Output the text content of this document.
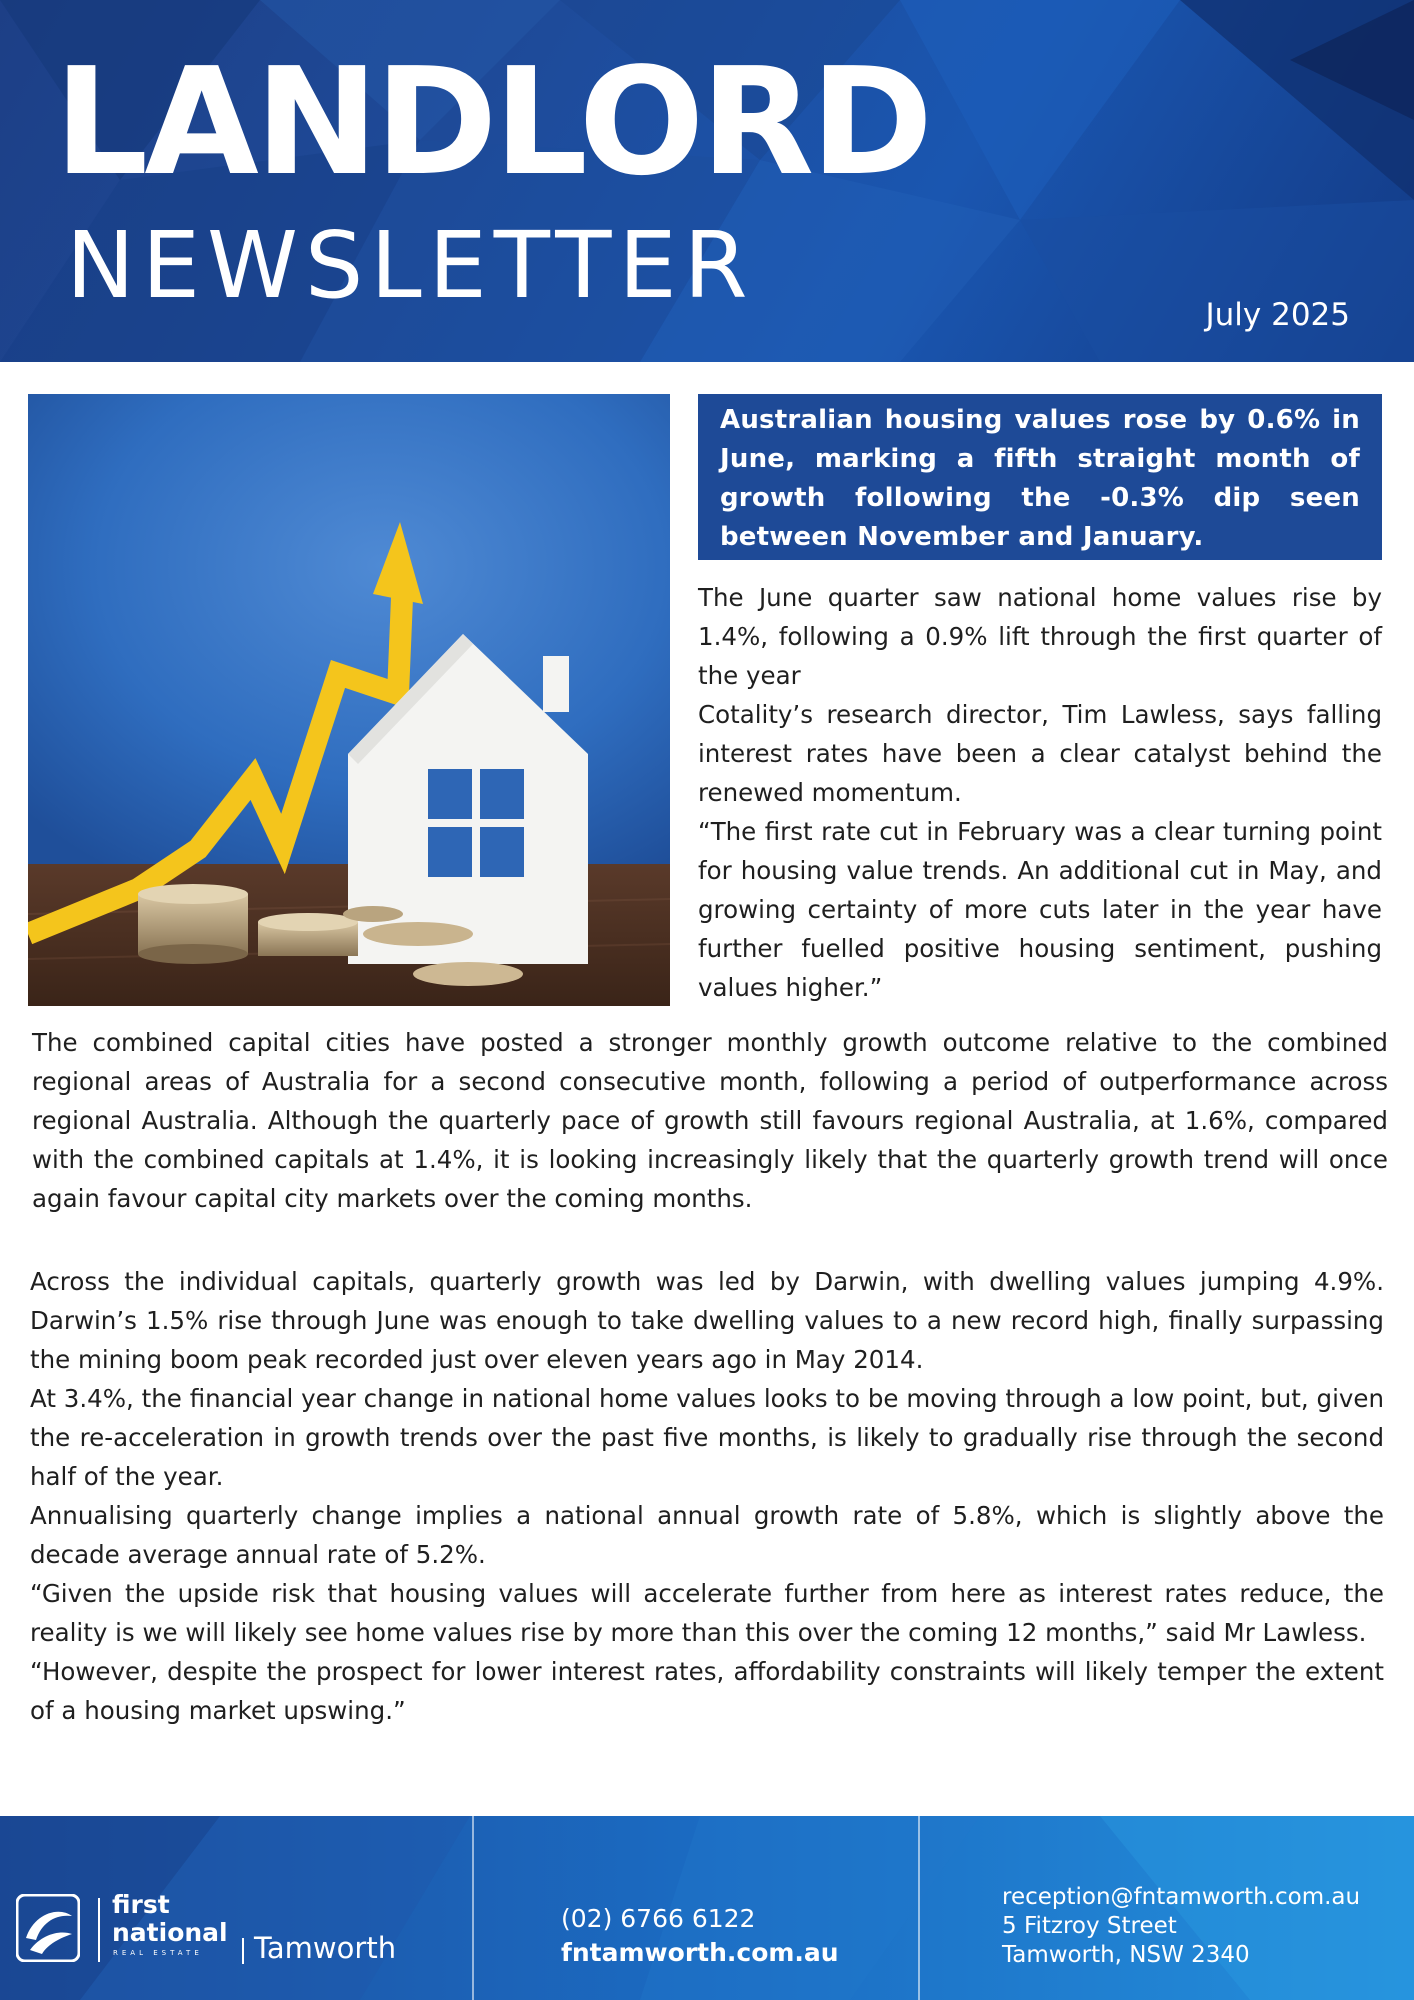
LANDLORD
NEWSLETTER	July 2025

Australian housing values rose by 0.6% in June, marking a fifth straight month of growth following the -0.3% dip seen between November and January.

The June quarter saw national home values rise by 1.4%, following a 0.9% lift through the first quarter of the year

Cotality’s research director, Tim Lawless, says falling interest rates have been a clear catalyst behind the renewed momentum.

“The first rate cut in February was a clear turning point for housing value trends. An additional cut in May, and growing certainty of more cuts later in the year have further fuelled positive housing sentiment, pushing values higher.”

The combined capital cities have posted a stronger monthly growth outcome relative to the combined regional areas of Australia for a second consecutive month, following a period of outperformance across regional Australia. Although the quarterly pace of growth still favours regional Australia, at 1.6%, compared with the combined capitals at 1.4%, it is looking increasingly likely that the quarterly growth trend will once again favour capital city markets over the coming months.

Across the individual capitals, quarterly growth was led by Darwin, with dwelling values jumping 4.9%. Darwin’s 1.5% rise through June was enough to take dwelling values to a new record high, finally surpassing the mining boom peak recorded just over eleven years ago in May 2014.

At 3.4%, the financial year change in national home values looks to be moving through a low point, but, given the re-acceleration in growth trends over the past five months, is likely to gradually rise through the second half of the year.

Annualising quarterly change implies a national annual growth rate of 5.8%, which is slightly above the decade average annual rate of 5.2%.

“Given the upside risk that housing values will accelerate further from here as interest rates reduce, the reality is we will likely see home values rise by more than this over the coming 12 months,” said Mr Lawless.

“However, despite the prospect for lower interest rates, affordability constraints will likely temper the extent of a housing market upswing.”

first
national
REAL ESTATE Tamworth
(02) 6766 6122
fntamworth.com.au
reception@fntamworth.com.au
5 Fitzroy Street
Tamworth, NSW 2340
